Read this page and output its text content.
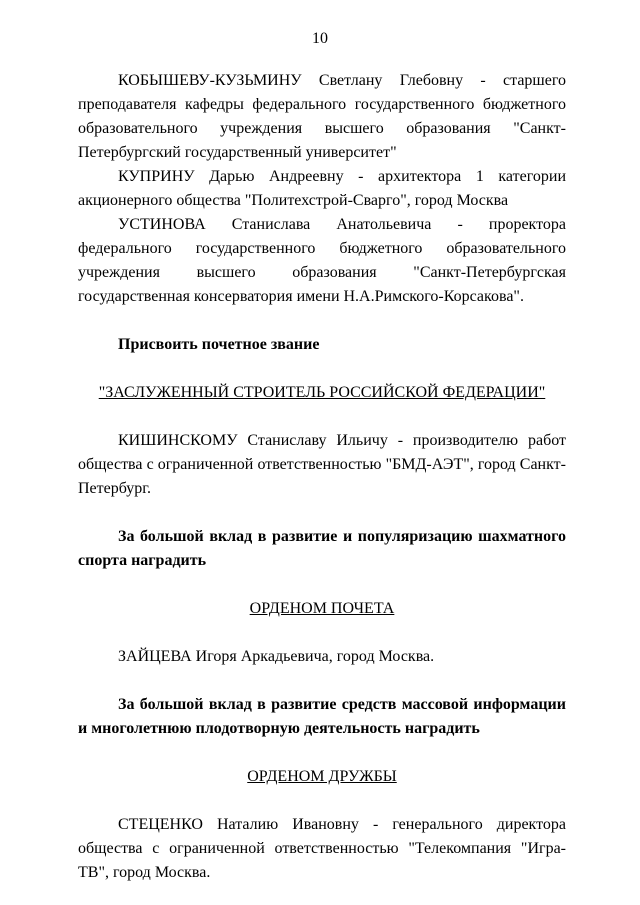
10

КОБЫШЕВУ-КУЗЬМИНУ Светлану Глебовну - старшего преподавателя кафедры федерального государственного бюджетного образовательного учреждения высшего образования "Санкт-Петербургский государственный университет"

КУПРИНУ Дарью Андреевну - архитектора 1 категории акционерного общества "Политехстрой-Сварго", город Москва

УСТИНОВА Станислава Анатольевича - проректора федерального государственного бюджетного образовательного учреждения высшего образования "Санкт-Петербургская государственная консерватория имени Н.А.Римского-Корсакова".

Присвоить почетное звание

"ЗАСЛУЖЕННЫЙ СТРОИТЕЛЬ РОССИЙСКОЙ ФЕДЕРАЦИИ"

КИШИНСКОМУ Станиславу Ильичу - производителю работ общества с ограниченной ответственностью "БМД-АЭТ", город Санкт-Петербург.

За большой вклад в развитие и популяризацию шахматного спорта наградить

ОРДЕНОМ ПОЧЕТА

ЗАЙЦЕВА Игоря Аркадьевича, город Москва.

За большой вклад в развитие средств массовой информации и многолетнюю плодотворную деятельность наградить

ОРДЕНОМ ДРУЖБЫ

СТЕЦЕНКО Наталию Ивановну - генерального директора общества с ограниченной ответственностью "Телекомпания "Игра-ТВ", город Москва.
